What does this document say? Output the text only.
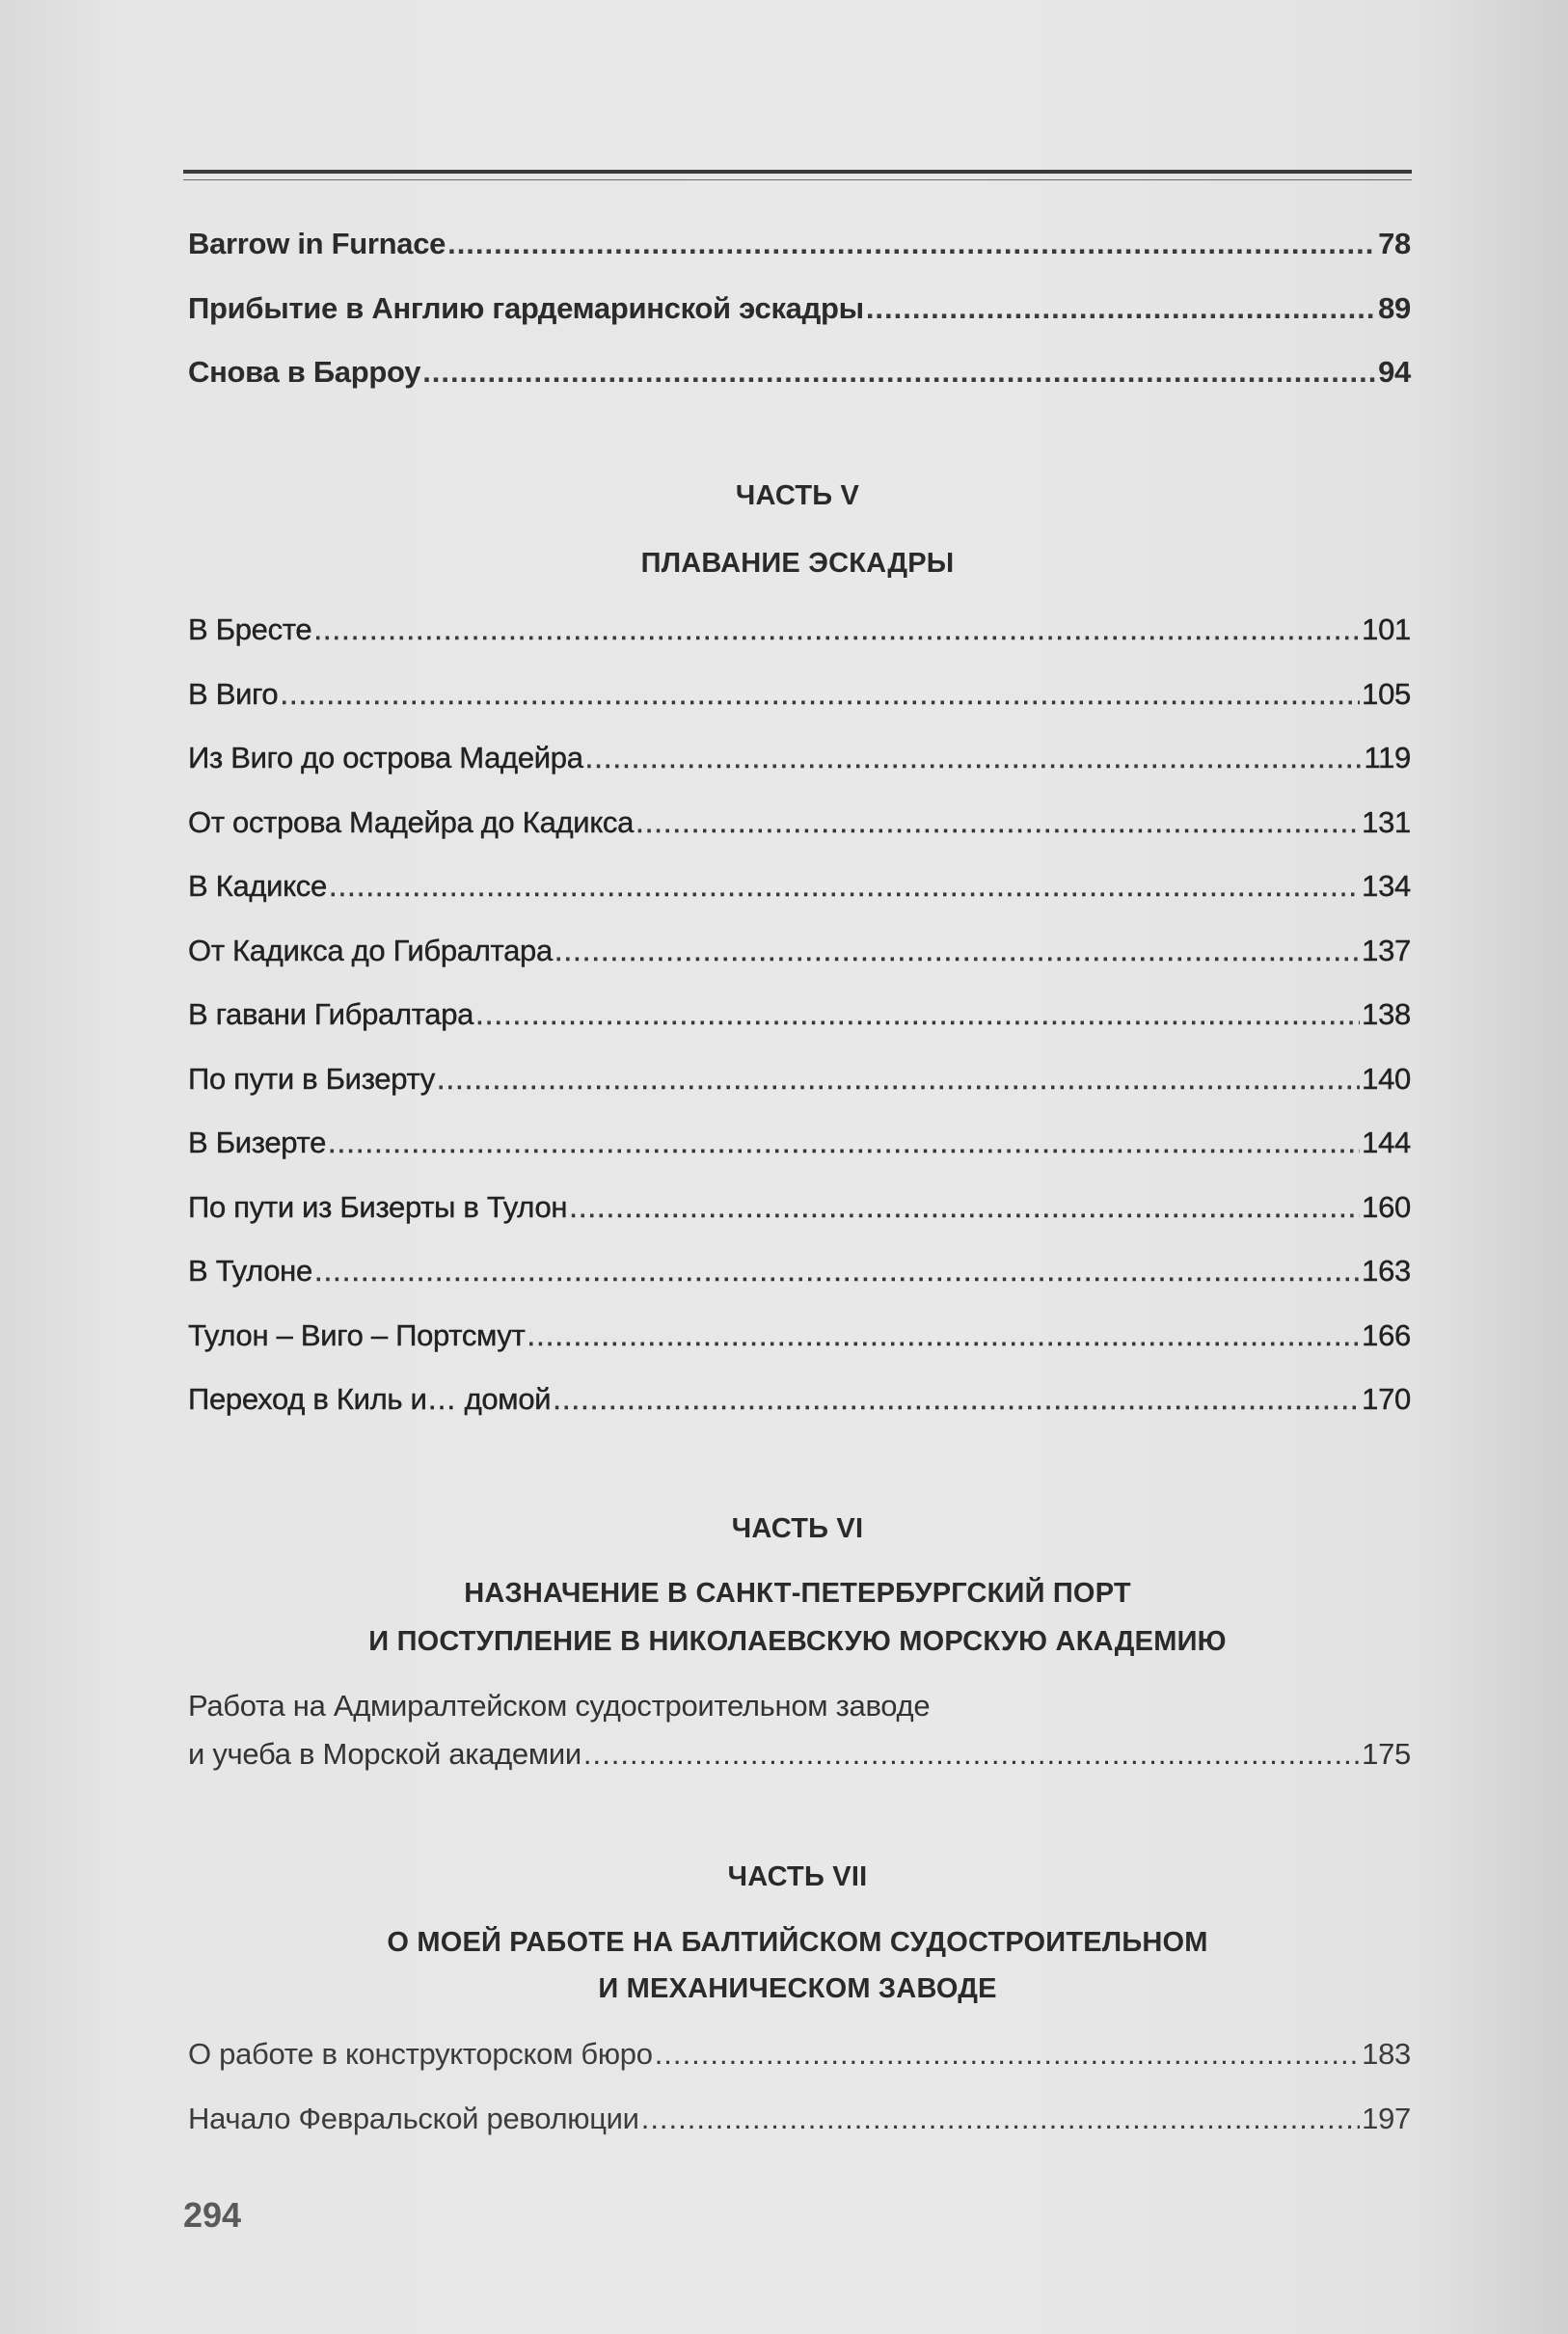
Barrow in Furnace .....	78
Прибытие в Англию гардемаринской эскадры .....	89
Снова в Барроу .....	94
ЧАСТЬ V
ПЛАВАНИЕ ЭСКАДРЫ
В Бресте .....	101
В Виго .....	105
Из Виго до острова Мадейра .....	119
От острова Мадейра до Кадикса .....	131
В Кадиксе .....	134
От Кадикса до Гибралтара .....	137
В гавани Гибралтара .....	138
По пути в Бизерту .....	140
В Бизерте .....	144
По пути из Бизерты в Тулон .....	160
В Тулоне .....	163
Тулон – Виго – Портсмут .....	166
Переход в Киль и… домой .....	170
ЧАСТЬ VI
НАЗНАЧЕНИЕ В САНКТ-ПЕТЕРБУРГСКИЙ ПОРТ
И ПОСТУПЛЕНИЕ В НИКОЛАЕВСКУЮ МОРСКУЮ АКАДЕМИЮ
Работа на Адмиралтейском судостроительном заводе
и учеба в Морской академии .....	175
ЧАСТЬ VII
О МОЕЙ РАБОТЕ НА БАЛТИЙСКОМ СУДОСТРОИТЕЛЬНОМ
И МЕХАНИЧЕСКОМ ЗАВОДЕ
О работе в конструкторском бюро .....	183
Начало Февральской революции .....	197
294
